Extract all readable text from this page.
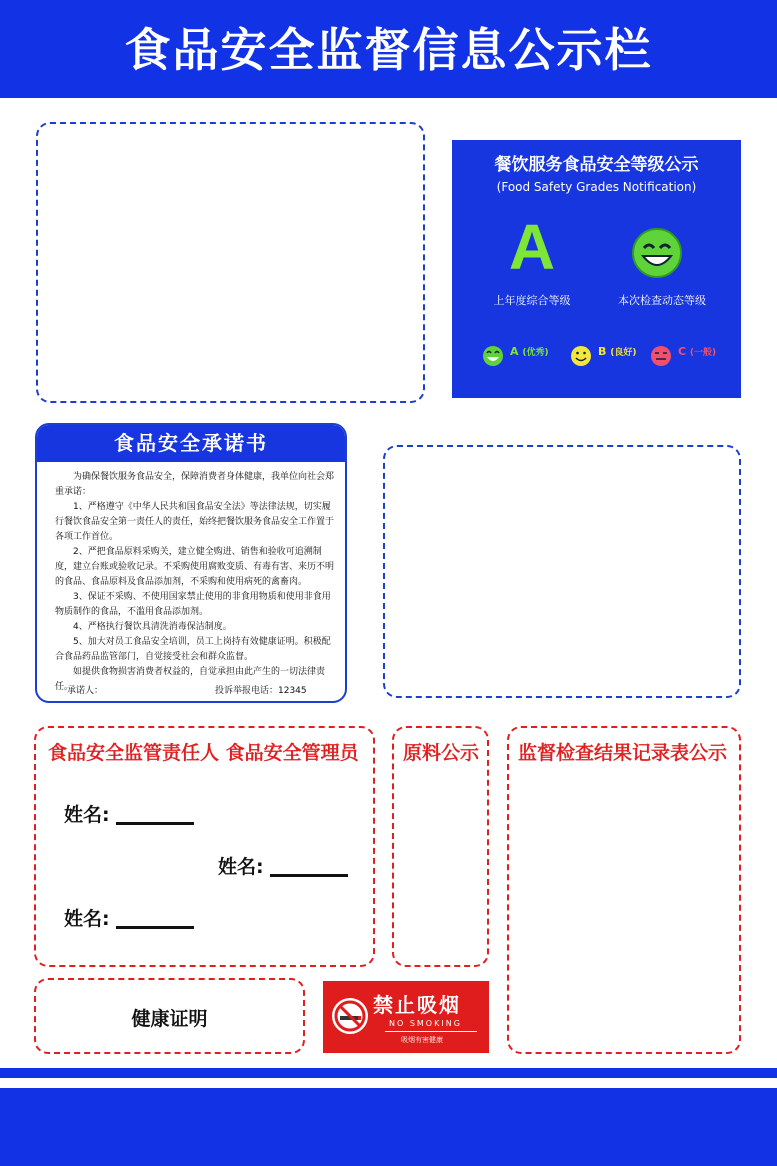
食品安全监督信息公示栏
餐饮服务食品安全等级公示
(Food Safety Grades Notification)
A
上年度综合等级	本次检查动态等级
A (优秀)	B (良好)	C (一般)
食品安全承诺书

为确保餐饮服务食品安全，保障消费者身体健康，我单位向社会郑重承诺：

1、严格遵守《中华人民共和国食品安全法》等法律法规，切实履行餐饮食品安全第一责任人的责任，始终把餐饮服务食品安全工作置于各项工作首位。

2、严把食品原料采购关，建立健全购进、销售和验收可追溯制度，建立台账或验收记录。不采购使用腐败变质、有毒有害、来历不明的食品、食品原料及食品添加剂，不采购和使用病死的禽畜肉。

3、保证不采购、不使用国家禁止使用的非食用物质和使用非食用物质制作的食品，不滥用食品添加剂。

4、严格执行餐饮具清洗消毒保洁制度。

5、加大对员工食品安全培训，员工上岗持有效健康证明。积极配合食品药品监管部门，自觉接受社会和群众监督。

如提供食物损害消费者权益的，自觉承担由此产生的一切法律责任。

承诺人：	投诉举报电话：12345
食品安全监管责任人 食品安全管理员
姓名:
姓名:
姓名:
原料公示 监督检查结果记录表公示
健康证明
禁止吸烟
NO SMOKING
吸烟有害健康
